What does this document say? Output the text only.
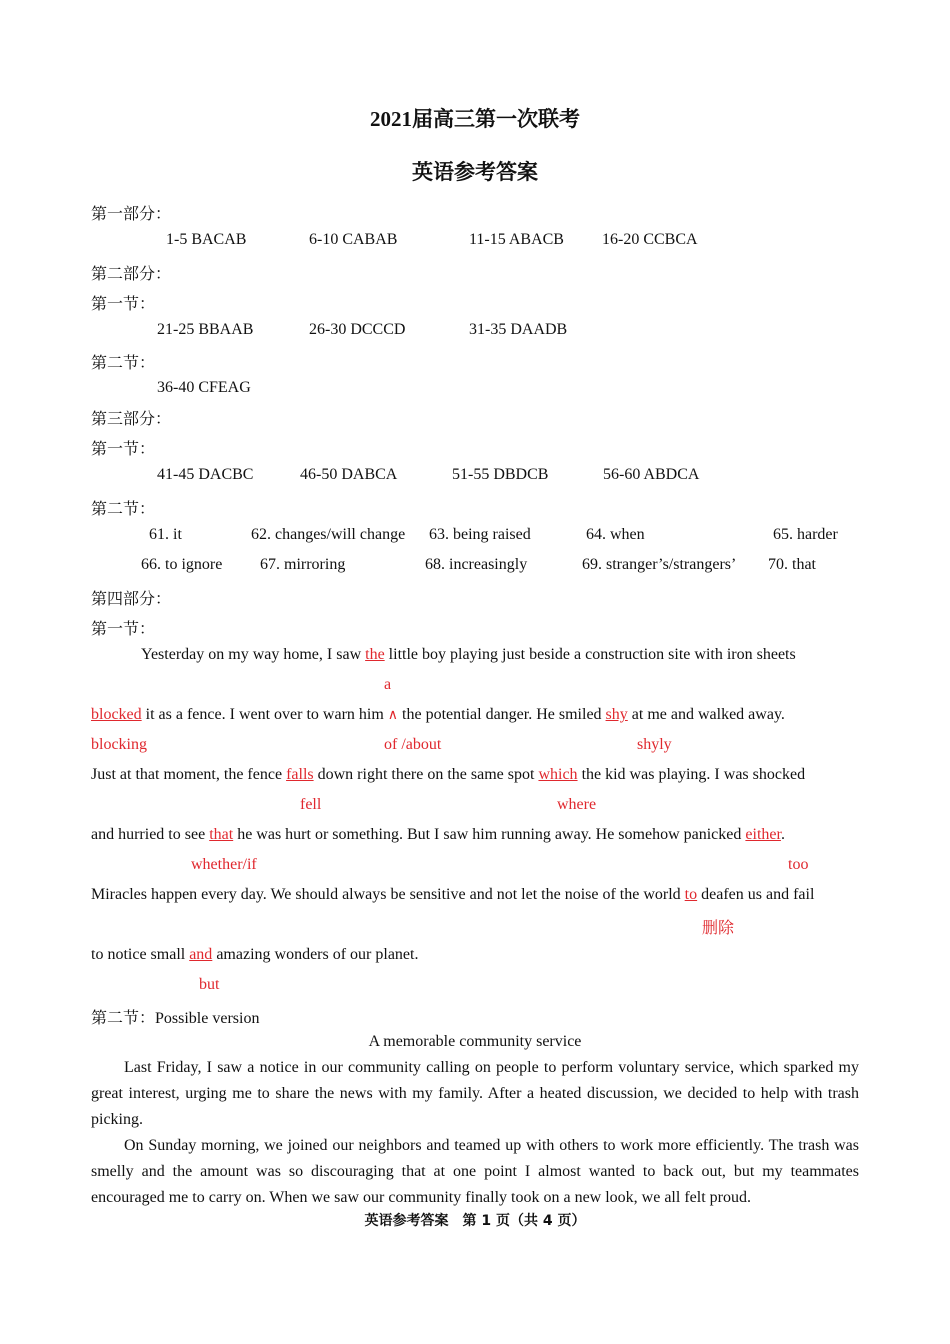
2021届高三第一次联考
英语参考答案
第一部分：
1-5 BACAB	6-10 CABAB	11-15 ABACB 16-20 CCBCA
第二部分：
第一节：
21-25 BBAAB	26-30 DCCCD	31-35 DAADB
第二节：
36-40 CFEAG
第三部分：
第一节：
41-45 DACBC	46-50 DABCA	51-55 DBDCB	56-60 ABDCA
第二节：
61. it	62. changes/will change 63. being raised	64. when	65. harder
66. to ignore 67. mirroring	68. increasingly	69. stranger’s/strangers’ 70. that
第四部分：
第一节：
Yesterday on my way home, I saw the little boy playing just beside a construction site with iron sheets
a
blocked it as a fence. I went over to warn him ∧ the potential danger. He smiled shy at me and walked away.
blocking	of /about	shyly
Just at that moment, the fence falls down right there on the same spot which the kid was playing. I was shocked
fell	where
and hurried to see that he was hurt or something. But I saw him running away. He somehow panicked either.
whether/if	too
Miracles happen every day. We should always be sensitive and not let the noise of the world to deafen us and fail
删除
to notice small and amazing wonders of our planet.
but
第二节：Possible version
A memorable community service
Last Friday, I saw a notice in our community calling on people to perform voluntary service, which sparked my great interest, urging me to share the news with my family. After a heated discussion, we decided to help with trash picking.
On Sunday morning, we joined our neighbors and teamed up with others to work more efficiently. The trash was smelly and the amount was so discouraging that at one point I almost wanted to back out, but my teammates encouraged me to carry on. When we saw our community finally took on a new look, we all felt proud.
英语参考答案　第 1 页（共 4 页）
